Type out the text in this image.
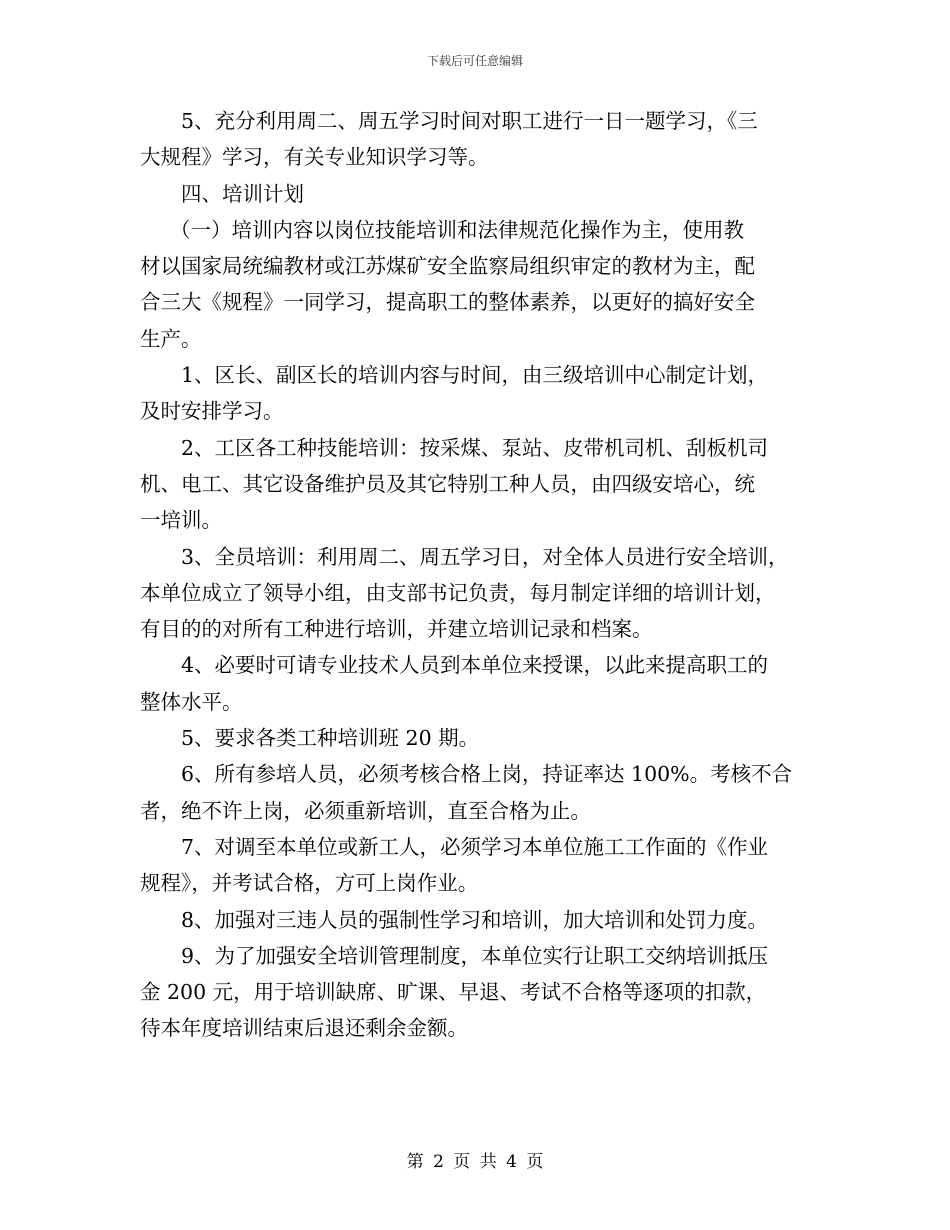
下载后可任意编辑
5、充分利用周二、周五学习时间对职工进行一日一题学习，《三
大规程》学习，有关专业知识学习等。
四、培训计划
（一）培训内容以岗位技能培训和法律规范化操作为主，使用教
材以国家局统编教材或江苏煤矿安全监察局组织审定的教材为主，配
合三大《规程》一同学习，提高职工的整体素养，以更好的搞好安全
生产。
1、区长、副区长的培训内容与时间，由三级培训中心制定计划，
及时安排学习。
2、工区各工种技能培训：按采煤、泵站、皮带机司机、刮板机司
机、电工、其它设备维护员及其它特别工种人员，由四级安培心，统
一培训。
3、全员培训：利用周二、周五学习日，对全体人员进行安全培训，
本单位成立了领导小组，由支部书记负责，每月制定详细的培训计划，
有目的的对所有工种进行培训，并建立培训记录和档案。
4、必要时可请专业技术人员到本单位来授课，以此来提高职工的
整体水平。
5、要求各类工种培训班 20 期。
6、所有参培人员，必须考核合格上岗，持证率达 100%。考核不合
者，绝不许上岗，必须重新培训，直至合格为止。
7、对调至本单位或新工人，必须学习本单位施工工作面的《作业
规程》，并考试合格，方可上岗作业。
8、加强对三违人员的强制性学习和培训，加大培训和处罚力度。
9、为了加强安全培训管理制度，本单位实行让职工交纳培训抵压
金 200 元，用于培训缺席、旷课、早退、考试不合格等逐项的扣款，
待本年度培训结束后退还剩余金额。
第 2 页 共 4 页
